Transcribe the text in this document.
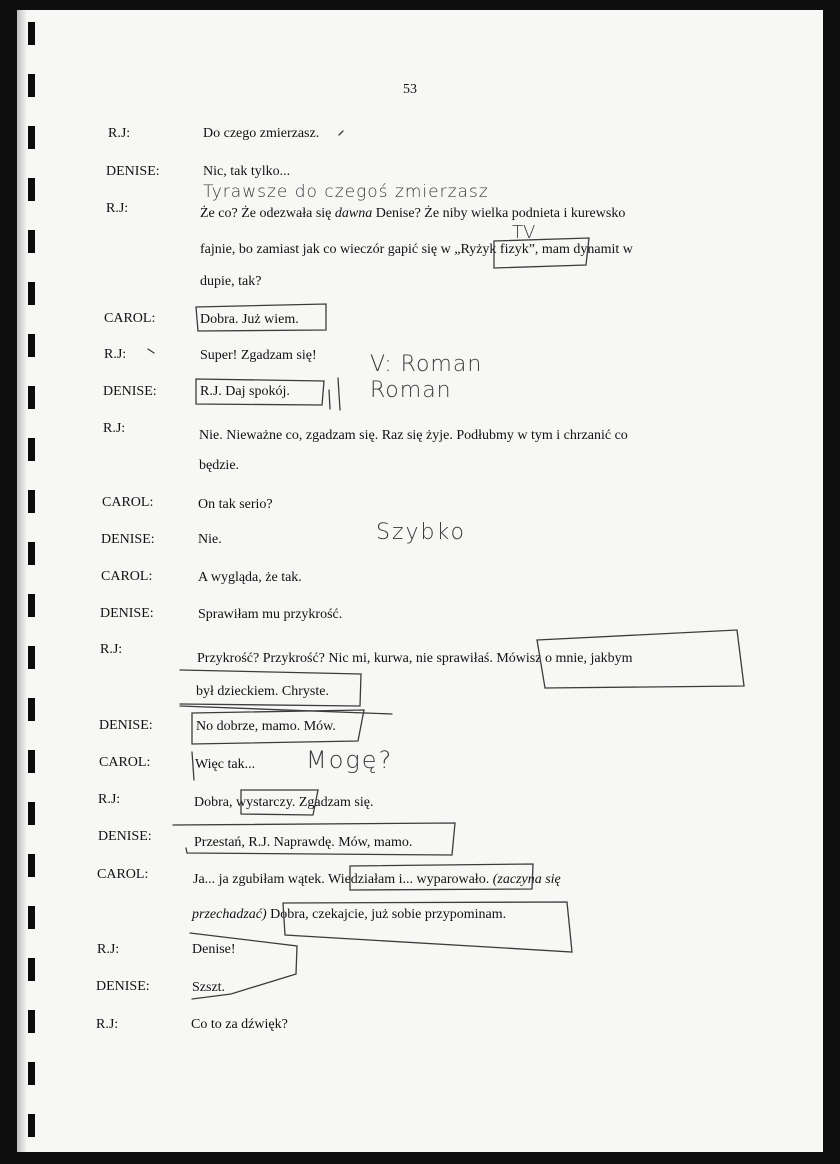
53
R.J:	Do czego zmierzasz.
DENISE:	Nic, tak tylko...
R.J:	Że co? Że odezwała się dawna Denise? Że niby wielka podnieta i kurewsko
fajnie, bo zamiast jak co wieczór gapić się w „Ryżyk fizyk”, mam dynamit w
dupie, tak?
CAROL:	Dobra. Już wiem.
R.J:	Super! Zgadzam się!
DENISE:	R.J. Daj spokój.
R.J:	Nie. Nieważne co, zgadzam się. Raz się żyje. Podłubmy w tym i chrzanić co
będzie.
CAROL:	On tak serio?
DENISE:	Nie.
CAROL:	A wygląda, że tak.
DENISE:	Sprawiłam mu przykrość.
R.J:
Przykrość? Przykrość? Nic mi, kurwa, nie sprawiłaś. Mówisz o mnie, jakbym
był dzieckiem. Chryste.
DENISE:	No dobrze, mamo. Mów.
CAROL:	Więc tak...
R.J:	Dobra, wystarczy. Zgadzam się.
DENISE:	Przestań, R.J. Naprawdę. Mów, mamo.
CAROL:	Ja... ja zgubiłam wątek. Wiedziałam i... wyparowało. (zaczyna się
przechadzać) Dobra, czekajcie, już sobie przypominam.
R.J:	Denise!
DENISE:	Szszt.
R.J:	Co to za dźwięk?
Tyrawsze do czegoś zmierzasz
TV
V: Roman
Roman
Szybko
Mogę?
